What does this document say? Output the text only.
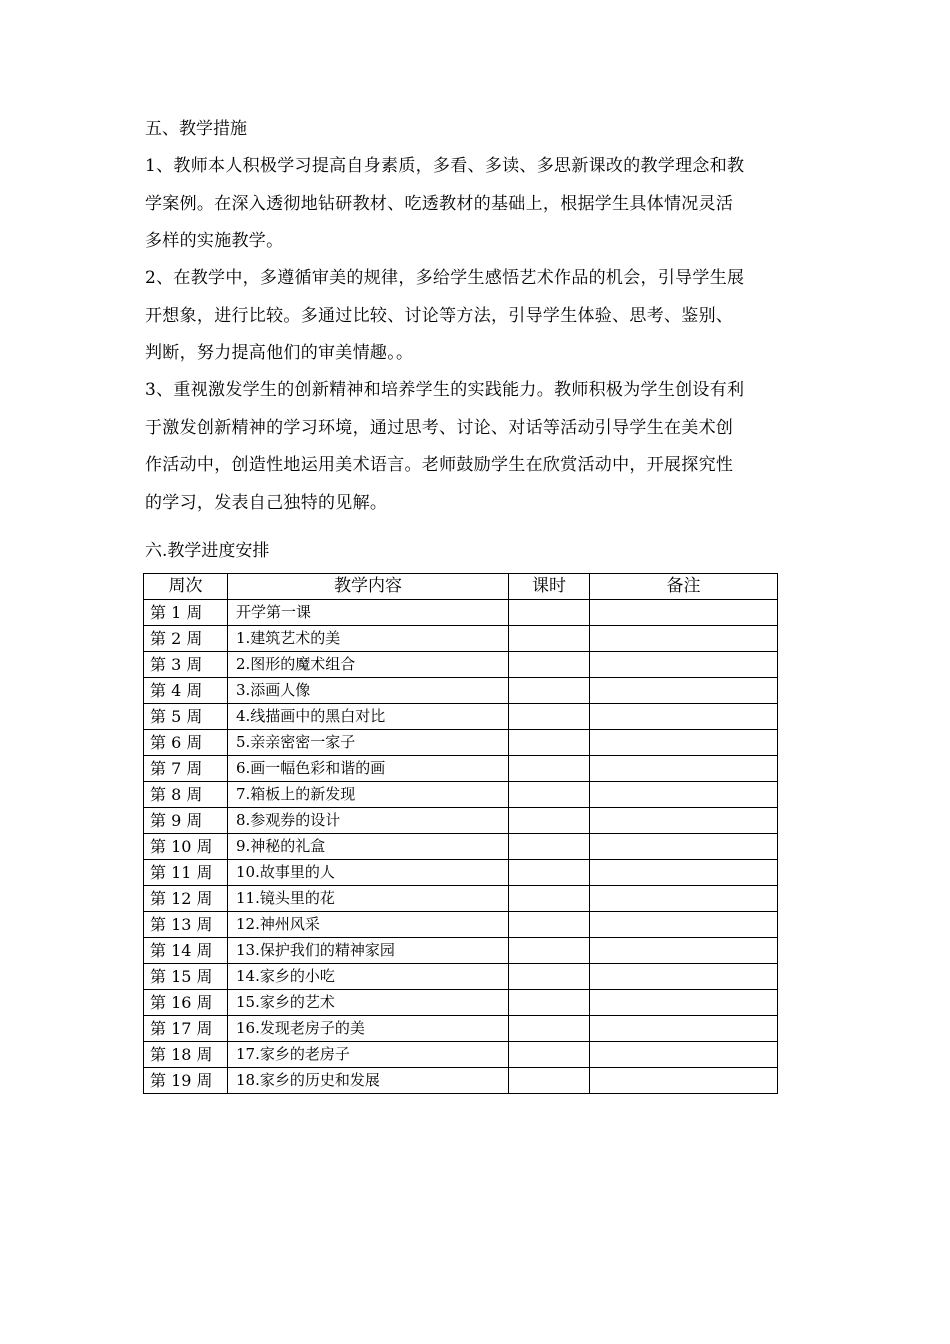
五、教学措施
1、教师本人积极学习提高自身素质，多看、多读、多思新课改的教学理念和教
学案例。在深入透彻地钻研教材、吃透教材的基础上，根据学生具体情况灵活
多样的实施教学。
2、在教学中，多遵循审美的规律，多给学生感悟艺术作品的机会，引导学生展
开想象，进行比较。多通过比较、讨论等方法，引导学生体验、思考、鉴别、
判断，努力提高他们的审美情趣。。
3、重视激发学生的创新精神和培养学生的实践能力。教师积极为学生创设有利
于激发创新精神的学习环境，通过思考、讨论、对话等活动引导学生在美术创
作活动中，创造性地运用美术语言。老师鼓励学生在欣赏活动中，开展探究性
的学习，发表自己独特的见解。
六.教学进度安排
周次	教学内容	课时	备注
第 1 周	开学第一课		
第 2 周	1.建筑艺术的美		
第 3 周	2.图形的魔术组合		
第 4 周	3.添画人像		
第 5 周	4.线描画中的黑白对比		
第 6 周	5.亲亲密密一家子		
第 7 周	6.画一幅色彩和谐的画		
第 8 周	7.箱板上的新发现		
第 9 周	8.参观券的设计		
第 10 周	9.神秘的礼盒		
第 11 周	10.故事里的人		
第 12 周	11.镜头里的花		
第 13 周	12.神州风采		
第 14 周	13.保护我们的精神家园		
第 15 周	14.家乡的小吃		
第 16 周	15.家乡的艺术		
第 17 周	16.发现老房子的美		
第 18 周	17.家乡的老房子		
第 19 周	18.家乡的历史和发展		
